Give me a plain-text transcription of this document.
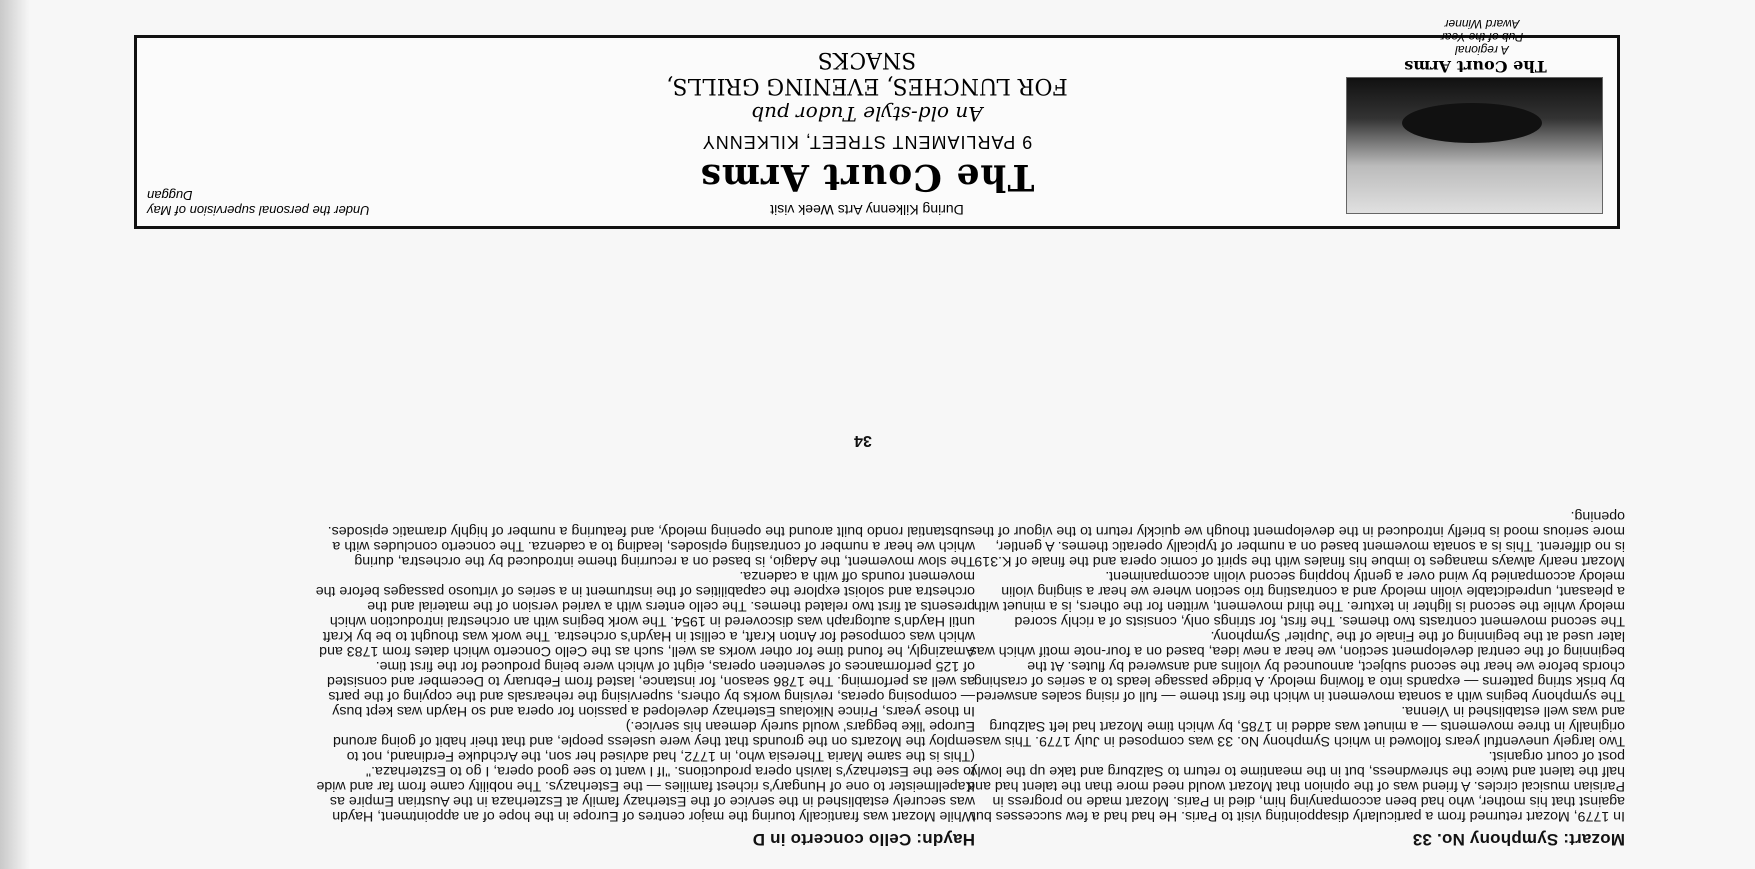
Mozart: Symphony No. 33

In 1779, Mozart returned from a particularly disappointing visit to Paris. He had had a few successes but against that his mother, who had been accompanying him, died in Paris. Mozart made no progress in Parisian musical circles. A friend was of the opinion that Mozart would need more than the talent had and half the talent and twice the shrewdness, but in the meantime to return to Salzburg and take up the lowly post of court organist.

Two largely uneventful years followed in which Symphony No. 33 was composed in July 1779. This was originally in three movements — a minuet was added in 1785, by which time Mozart had left Salzburg and was well established in Vienna.

The symphony begins with a sonata movement in which the first theme — full of rising scales answered by brisk string patterns — expands into a flowing melody. A bridge passage leads to a series of crashing chords before we hear the second subject, announced by violins and answered by flutes. At the beginning of the central development section, we hear a new idea, based on a four-note motif which was later used at the beginning of the Finale of the 'Jupiter' Symphony.

The second movement contrasts two themes. The first, for strings only, consists of a richly scored melody while the second is lighter in texture. The third movement, written for the others, is a minuet with a pleasant, unpredictable violin melody and a contrasting trio section where we hear a singing violin melody accompanied by wind over a gently hopping second violin accompaniment.

Mozart nearly always manages to imbue his finales with the spirit of comic opera and the finale of K.319 is no different. This is a sonata movement based on a number of typically operatic themes. A gentler, more serious mood is briefly introduced in the development though we quickly return to the vigour of the opening.

Haydn: Cello concerto in D

While Mozart was frantically touring the major centres of Europe in the hope of an appointment, Haydn was securely established in the service of the Esterhazy family at Eszterhaza in the Austrian Empire as Kapellmeister to one of Hungary's richest families — the Esterhazys. The nobility came from far and wide to see the Esterhazy's lavish opera productions. "If I want to see good opera, I go to Eszterhaza."

(This is the same Maria Theresia who, in 1772, had advised her son, the Archduke Ferdinand, not to employ the Mozarts on the grounds that they were useless people, and that their habit of going around Europe 'like beggars' would surely demean his service.)

In those years, Prince Nikolaus Esterhazy developed a passion for opera and so Haydn was kept busy — composing operas, revising works by others, supervising the rehearsals and the copying of the parts as well as performing. The 1786 season, for instance, lasted from February to December and consisted of 125 performances of seventeen operas, eight of which were being produced for the first time.

Amazingly, he found time for other works as well, such as the Cello Concerto which dates from 1783 and which was composed for Anton Kraft, a cellist in Haydn's orchestra. The work was thought to be by Kraft until Haydn's autograph was discovered in 1954. The work begins with an orchestral introduction which presents at first two related themes. The cello enters with a varied version of the material and the orchestra and soloist explore the capabilities of the instrument in a series of virtuoso passages before the movement rounds off with a cadenza.

The slow movement, the Adagio, is based on a recurring theme introduced by the orchestra, during which we hear a number of contrasting episodes, leading to a cadenza. The concerto concludes with a substantial rondo built around the opening melody, and featuring a number of highly dramatic episodes.

34
The Court Arms
A regional
Pub of the Year
Award Winner
During Kilkenny Arts Week visit
The Court Arms
9 PARLIAMENT STREET, KILKENNY
An old-style Tudor pub
FOR LUNCHES, EVENING GRILLS,
SNACKS
Under the personal supervision of May Duggan
